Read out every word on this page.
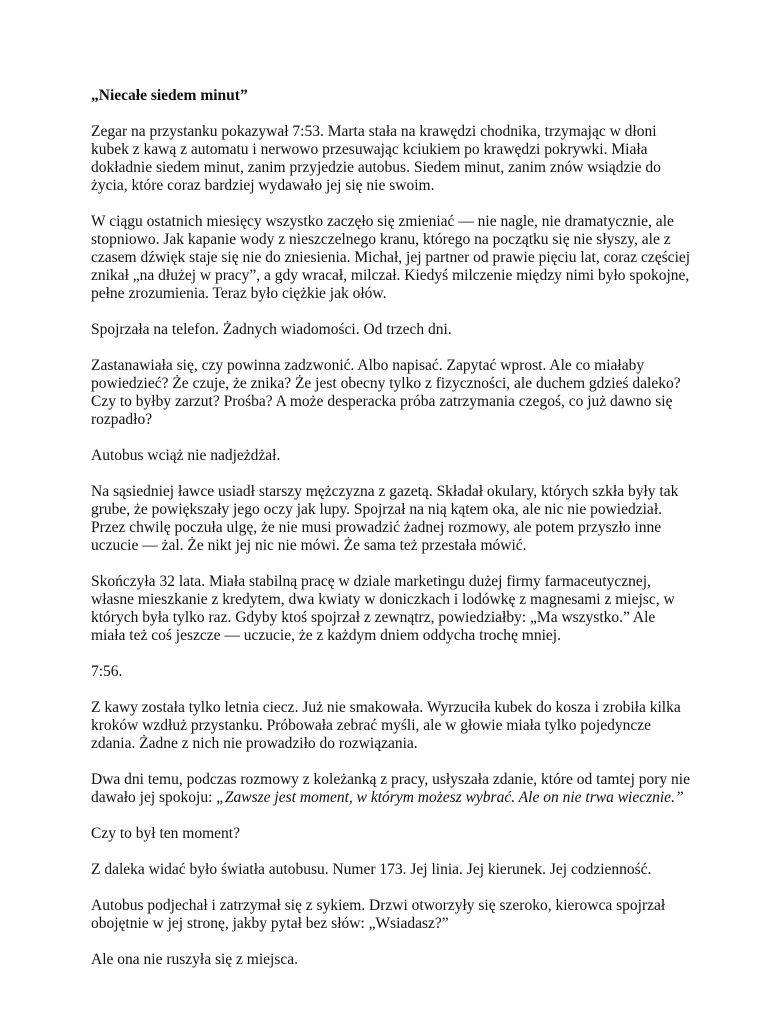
„Niecałe siedem minut”

Zegar na przystanku pokazywał 7:53. Marta stała na krawędzi chodnika, trzymając w dłoni kubek z kawą z automatu i nerwowo przesuwając kciukiem po krawędzi pokrywki. Miała dokładnie siedem minut, zanim przyjedzie autobus. Siedem minut, zanim znów wsiądzie do życia, które coraz bardziej wydawało jej się nie swoim.

W ciągu ostatnich miesięcy wszystko zaczęło się zmieniać — nie nagle, nie dramatycznie, ale stopniowo. Jak kapanie wody z nieszczelnego kranu, którego na początku się nie słyszy, ale z czasem dźwięk staje się nie do zniesienia. Michał, jej partner od prawie pięciu lat, coraz częściej znikał „na dłużej w pracy”, a gdy wracał, milczał. Kiedyś milczenie między nimi było spokojne, pełne zrozumienia. Teraz było ciężkie jak ołów.

Spojrzała na telefon. Żadnych wiadomości. Od trzech dni.

Zastanawiała się, czy powinna zadzwonić. Albo napisać. Zapytać wprost. Ale co miałaby powiedzieć? Że czuje, że znika? Że jest obecny tylko z fizyczności, ale duchem gdzieś daleko? Czy to byłby zarzut? Prośba? A może desperacka próba zatrzymania czegoś, co już dawno się rozpadło?

Autobus wciąż nie nadjeżdżał.

Na sąsiedniej ławce usiadł starszy mężczyzna z gazetą. Składał okulary, których szkła były tak grube, że powiększały jego oczy jak lupy. Spojrzał na nią kątem oka, ale nic nie powiedział. Przez chwilę poczuła ulgę, że nie musi prowadzić żadnej rozmowy, ale potem przyszło inne uczucie — żal. Że nikt jej nic nie mówi. Że sama też przestała mówić.

Skończyła 32 lata. Miała stabilną pracę w dziale marketingu dużej firmy farmaceutycznej, własne mieszkanie z kredytem, dwa kwiaty w doniczkach i lodówkę z magnesami z miejsc, w których była tylko raz. Gdyby ktoś spojrzał z zewnątrz, powiedziałby: „Ma wszystko.” Ale miała też coś jeszcze — uczucie, że z każdym dniem oddycha trochę mniej.

7:56.

Z kawy została tylko letnia ciecz. Już nie smakowała. Wyrzuciła kubek do kosza i zrobiła kilka kroków wzdłuż przystanku. Próbowała zebrać myśli, ale w głowie miała tylko pojedyncze zdania. Żadne z nich nie prowadziło do rozwiązania.

Dwa dni temu, podczas rozmowy z koleżanką z pracy, usłyszała zdanie, które od tamtej pory nie dawało jej spokoju: „Zawsze jest moment, w którym możesz wybrać. Ale on nie trwa wiecznie.”

Czy to był ten moment?

Z daleka widać było światła autobusu. Numer 173. Jej linia. Jej kierunek. Jej codzienność.

Autobus podjechał i zatrzymał się z sykiem. Drzwi otworzyły się szeroko, kierowca spojrzał obojętnie w jej stronę, jakby pytał bez słów: „Wsiadasz?”

Ale ona nie ruszyła się z miejsca.
